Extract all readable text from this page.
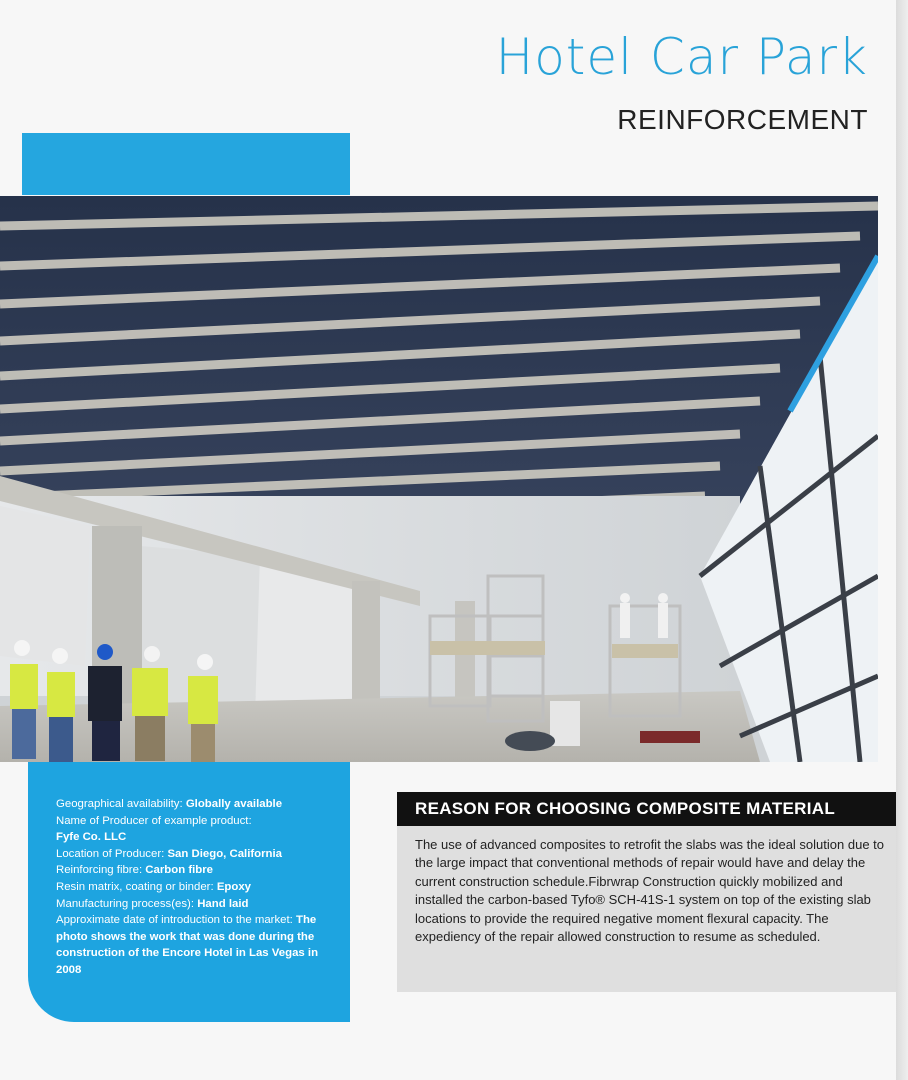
Hotel Car Park
REINFORCEMENT

Geographical availability: Globally available

Name of Producer of example product:

Fyfe Co. LLC

Location of Producer: San Diego, California

Reinforcing fibre: Carbon fibre

Resin matrix, coating or binder: Epoxy

Manufacturing process(es): Hand laid

Approximate date of introduction to the market: The photo shows the work that was done during the construction of the Encore Hotel in Las Vegas in 2008

REASON FOR CHOOSING COMPOSITE MATERIAL
The use of advanced composites to retrofit the slabs was the ideal solution due to the large impact that conventional methods of repair would have and delay the current construction schedule.Fibrwrap Construction quickly mobilized and installed the carbon-based Tyfo® SCH-41S-1 system on top of the existing slab locations to provide the required negative moment flexural capacity. The expediency of the repair allowed construction to resume as scheduled.
